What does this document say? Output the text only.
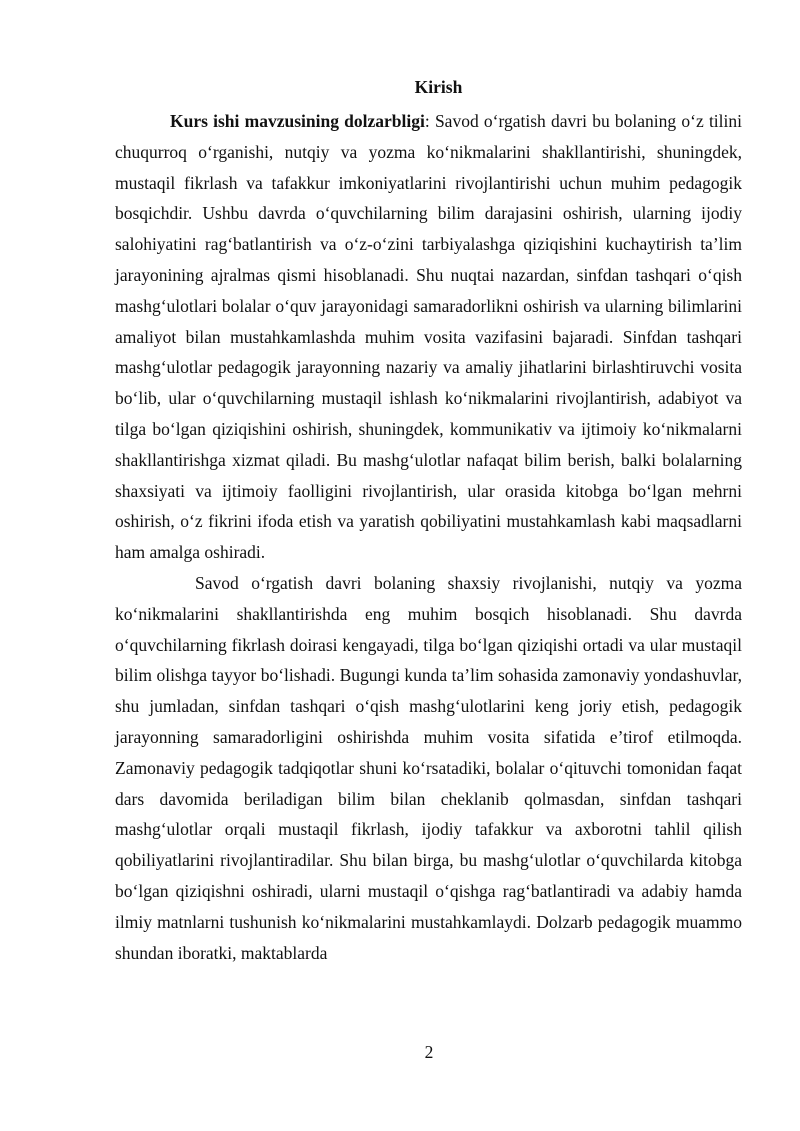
Kirish

Kurs ishi mavzusining dolzarbligi: Savod o‘rgatish davri bu bolaning o‘z tilini chuqurroq o‘rganishi, nutqiy va yozma ko‘nikmalarini shakllantirishi, shuningdek, mustaqil fikrlash va tafakkur imkoniyatlarini rivojlantirishi uchun muhim pedagogik bosqichdir. Ushbu davrda o‘quvchilarning bilim darajasini oshirish, ularning ijodiy salohiyatini rag‘batlantirish va o‘z-o‘zini tarbiyalashga qiziqishini kuchaytirish ta’lim jarayonining ajralmas qismi hisoblanadi. Shu nuqtai nazardan, sinfdan tashqari o‘qish mashg‘ulotlari bolalar o‘quv jarayonidagi samaradorlikni oshirish va ularning bilimlarini amaliyot bilan mustahkamlashda muhim vosita vazifasini bajaradi. Sinfdan tashqari mashg‘ulotlar pedagogik jarayonning nazariy va amaliy jihatlarini birlashtiruvchi vosita bo‘lib, ular o‘quvchilarning mustaqil ishlash ko‘nikmalarini rivojlantirish, adabiyot va tilga bo‘lgan qiziqishini oshirish, shuningdek, kommunikativ va ijtimoiy ko‘nikmalarni shakllantirishga xizmat qiladi. Bu mashg‘ulotlar nafaqat bilim berish, balki bolalarning shaxsiyati va ijtimoiy faolligini rivojlantirish, ular orasida kitobga bo‘lgan mehrni oshirish, o‘z fikrini ifoda etish va yaratish qobiliyatini mustahkamlash kabi maqsadlarni ham amalga oshiradi.

Savod o‘rgatish davri bolaning shaxsiy rivojlanishi, nutqiy va yozma ko‘nikmalarini shakllantirishda eng muhim bosqich hisoblanadi. Shu davrda o‘quvchilarning fikrlash doirasi kengayadi, tilga bo‘lgan qiziqishi ortadi va ular mustaqil bilim olishga tayyor bo‘lishadi. Bugungi kunda ta’lim sohasida zamonaviy yondashuvlar, shu jumladan, sinfdan tashqari o‘qish mashg‘ulotlarini keng joriy etish, pedagogik jarayonning samaradorligini oshirishda muhim vosita sifatida e’tirof etilmoqda. Zamonaviy pedagogik tadqiqotlar shuni ko‘rsatadiki, bolalar o‘qituvchi tomonidan faqat dars davomida beriladigan bilim bilan cheklanib qolmasdan, sinfdan tashqari mashg‘ulotlar orqali mustaqil fikrlash, ijodiy tafakkur va axborotni tahlil qilish qobiliyatlarini rivojlantiradilar. Shu bilan birga, bu mashg‘ulotlar o‘quvchilarda kitobga bo‘lgan qiziqishni oshiradi, ularni mustaqil o‘qishga rag‘batlantiradi va adabiy hamda ilmiy matnlarni tushunish ko‘nikmalarini mustahkamlaydi. Dolzarb pedagogik muammo shundan iboratki, maktablarda

2
